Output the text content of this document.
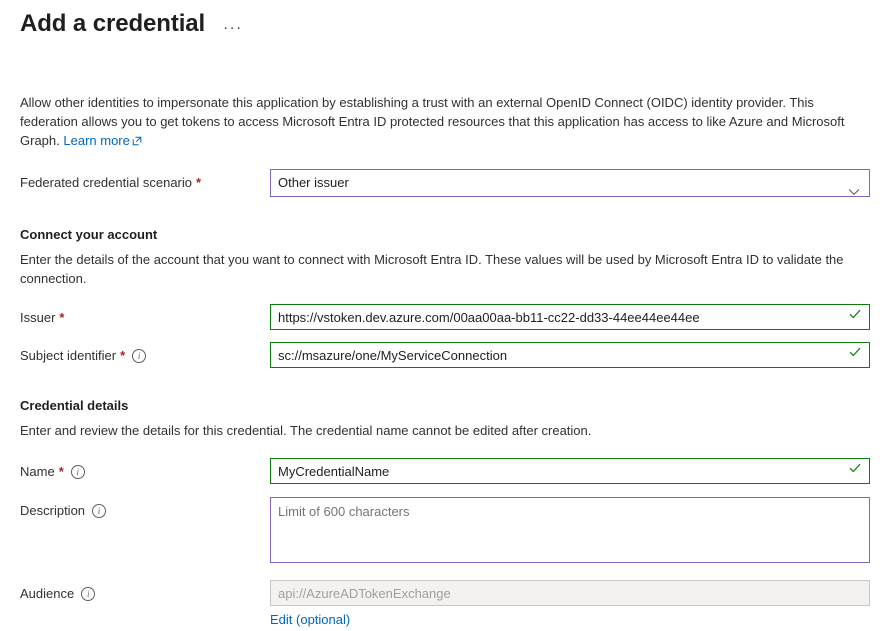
Add a credential ···
Allow other identities to impersonate this application by establishing a trust with an external OpenID Connect (OIDC) identity provider. This federation allows you to get tokens to access Microsoft Entra ID protected resources that this application has access to like Azure and Microsoft Graph. Learn more
Federated credential scenario *	Other issuer
Connect your account
Enter the details of the account that you want to connect with Microsoft Entra ID. These values will be used by Microsoft Entra ID to validate the connection.
Issuer *
https://vstoken.dev.azure.com/00aa00aa-bb11-cc22-dd33-44ee44ee44ee
Subject identifier *	i
sc://msazure/one/MyServiceConnection
Credential details
Enter and review the details for this credential. The credential name cannot be edited after creation.
Name *	i
MyCredentialName
Description	i
Limit of 600 characters
Audience	i
api://AzureADTokenExchange
Edit (optional)
